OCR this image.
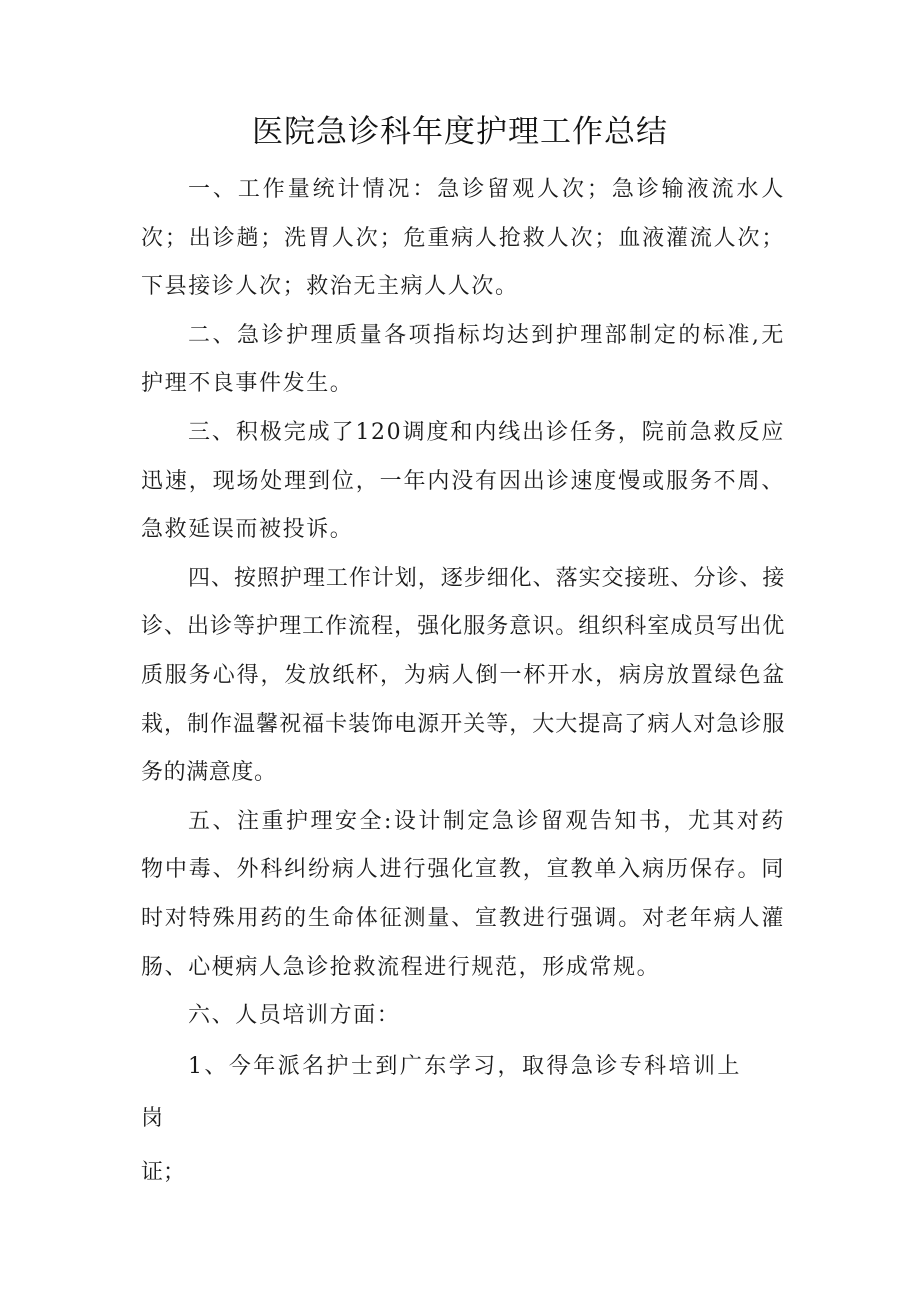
医院急诊科年度护理工作总结

一、工作量统计情况：急诊留观人次；急诊输液流水人次；出诊趟；洗胃人次；危重病人抢救人次；血液灌流人次；下县接诊人次；救治无主病人人次。

二、急诊护理质量各项指标均达到护理部制定的标准,无护理不良事件发生。

三、积极完成了120调度和内线出诊任务，院前急救反应迅速，现场处理到位，一年内没有因出诊速度慢或服务不周、急救延误而被投诉。

四、按照护理工作计划，逐步细化、落实交接班、分诊、接诊、出诊等护理工作流程，强化服务意识。组织科室成员写出优质服务心得，发放纸杯，为病人倒一杯开水，病房放置绿色盆栽，制作温馨祝福卡装饰电源开关等，大大提高了病人对急诊服务的满意度。

五、注重护理安全:设计制定急诊留观告知书，尤其对药物中毒、外科纠纷病人进行强化宣教，宣教单入病历保存。同时对特殊用药的生命体征测量、宣教进行强调。对老年病人灌肠、心梗病人急诊抢救流程进行规范，形成常规。

六、人员培训方面：

1、今年派名护士到广东学习，取得急诊专科培训上岗

证；
